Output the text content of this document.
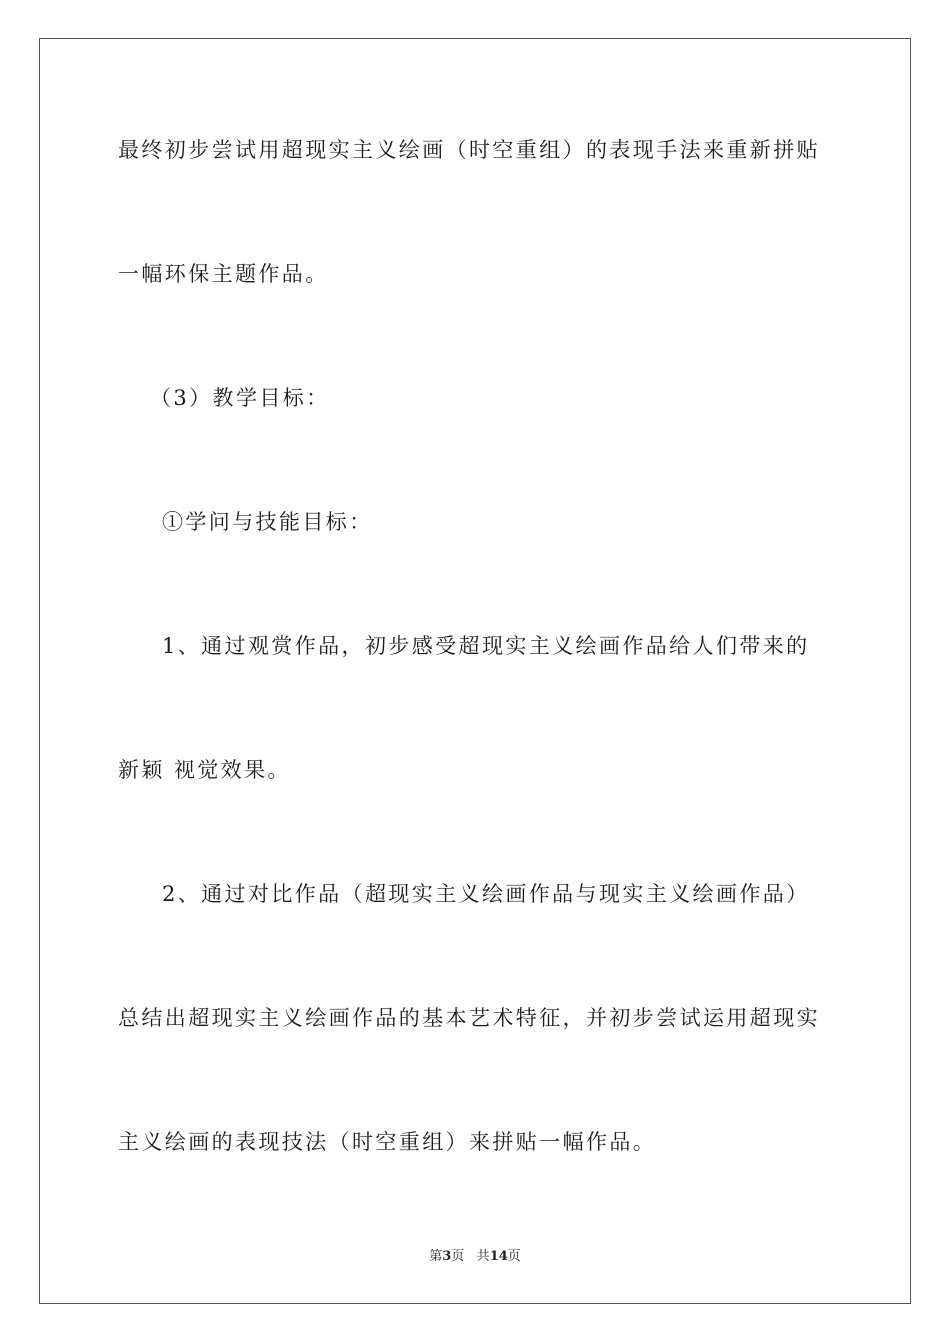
最终初步尝试用超现实主义绘画（时空重组）的表现手法来重新拼贴
一幅环保主题作品。
（3）教学目标：
①学问与技能目标：
1、通过观赏作品，初步感受超现实主义绘画作品给人们带来的
新颖 视觉效果。
2、通过对比作品（超现实主义绘画作品与现实主义绘画作品）
总结出超现实主义绘画作品的基本艺术特征，并初步尝试运用超现实
主义绘画的表现技法（时空重组）来拼贴一幅作品。
第3页 共14页
